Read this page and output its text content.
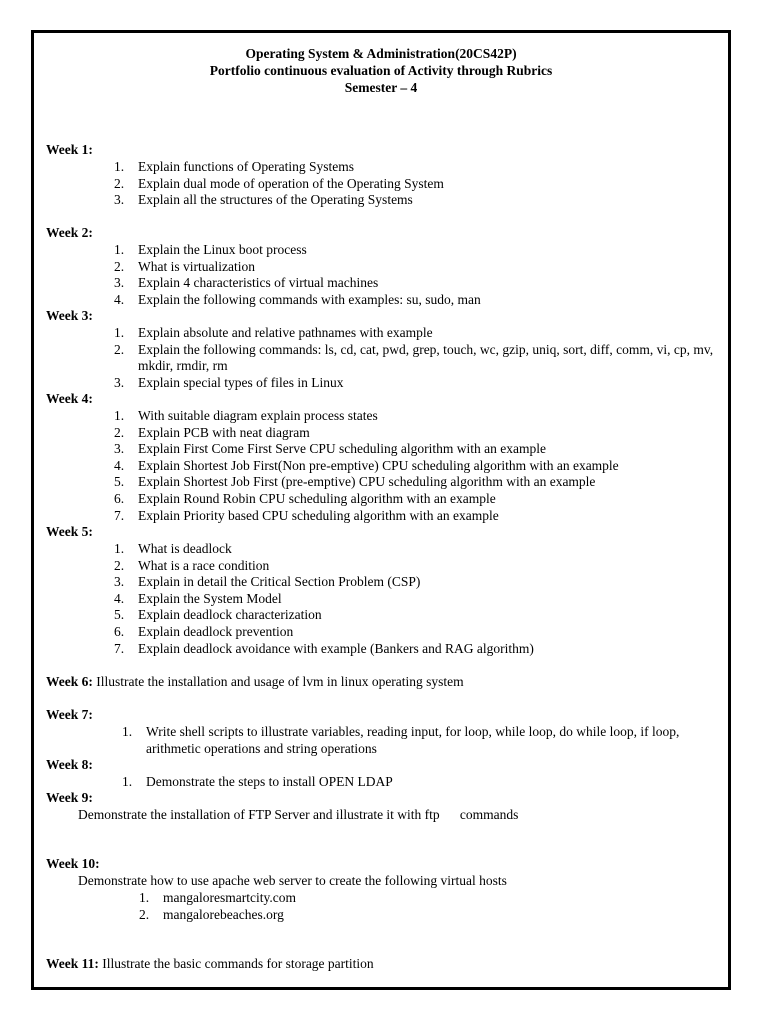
Operating System & Administration(20CS42P)
Portfolio continuous evaluation of Activity through Rubrics
Semester – 4
Week 1:
1. Explain functions of Operating Systems
2. Explain dual mode of operation of the Operating System
3. Explain all the structures of the Operating Systems
Week 2:
1. Explain the Linux boot process
2. What is virtualization
3. Explain 4 characteristics of virtual machines
4. Explain the following commands with examples: su, sudo, man
Week 3:
1. Explain absolute and relative pathnames with example
2. Explain the following commands: ls, cd, cat, pwd, grep, touch, wc, gzip, uniq, sort, diff, comm, vi, cp, mv, mkdir, rmdir, rm
3. Explain special types of files in Linux
Week 4:
1. With suitable diagram explain process states
2. Explain PCB with neat diagram
3. Explain First Come First Serve CPU scheduling algorithm with an example
4. Explain Shortest Job First(Non pre-emptive) CPU scheduling algorithm with an example
5. Explain Shortest Job First (pre-emptive) CPU scheduling algorithm with an example
6. Explain Round Robin CPU scheduling algorithm with an example
7. Explain Priority based CPU scheduling algorithm with an example
Week 5:
1. What is deadlock
2. What is a race condition
3. Explain in detail the Critical Section Problem (CSP)
4. Explain the System Model
5. Explain deadlock characterization
6. Explain deadlock prevention
7. Explain deadlock avoidance with example (Bankers and RAG algorithm)
Week 6: Illustrate the installation and usage of lvm in linux operating system
Week 7:
1. Write shell scripts to illustrate variables, reading input, for loop, while loop, do while loop, if loop, arithmetic operations and string operations
Week 8:
1. Demonstrate the steps to install OPEN LDAP
Week 9:
Demonstrate the installation of FTP Server and illustrate it with ftp      commands
Week 10:
Demonstrate how to use apache web server to create the following virtual hosts
1. mangaloresmartcity.com
2. mangalorebeaches.org
Week 11: Illustrate the basic commands for storage partition
